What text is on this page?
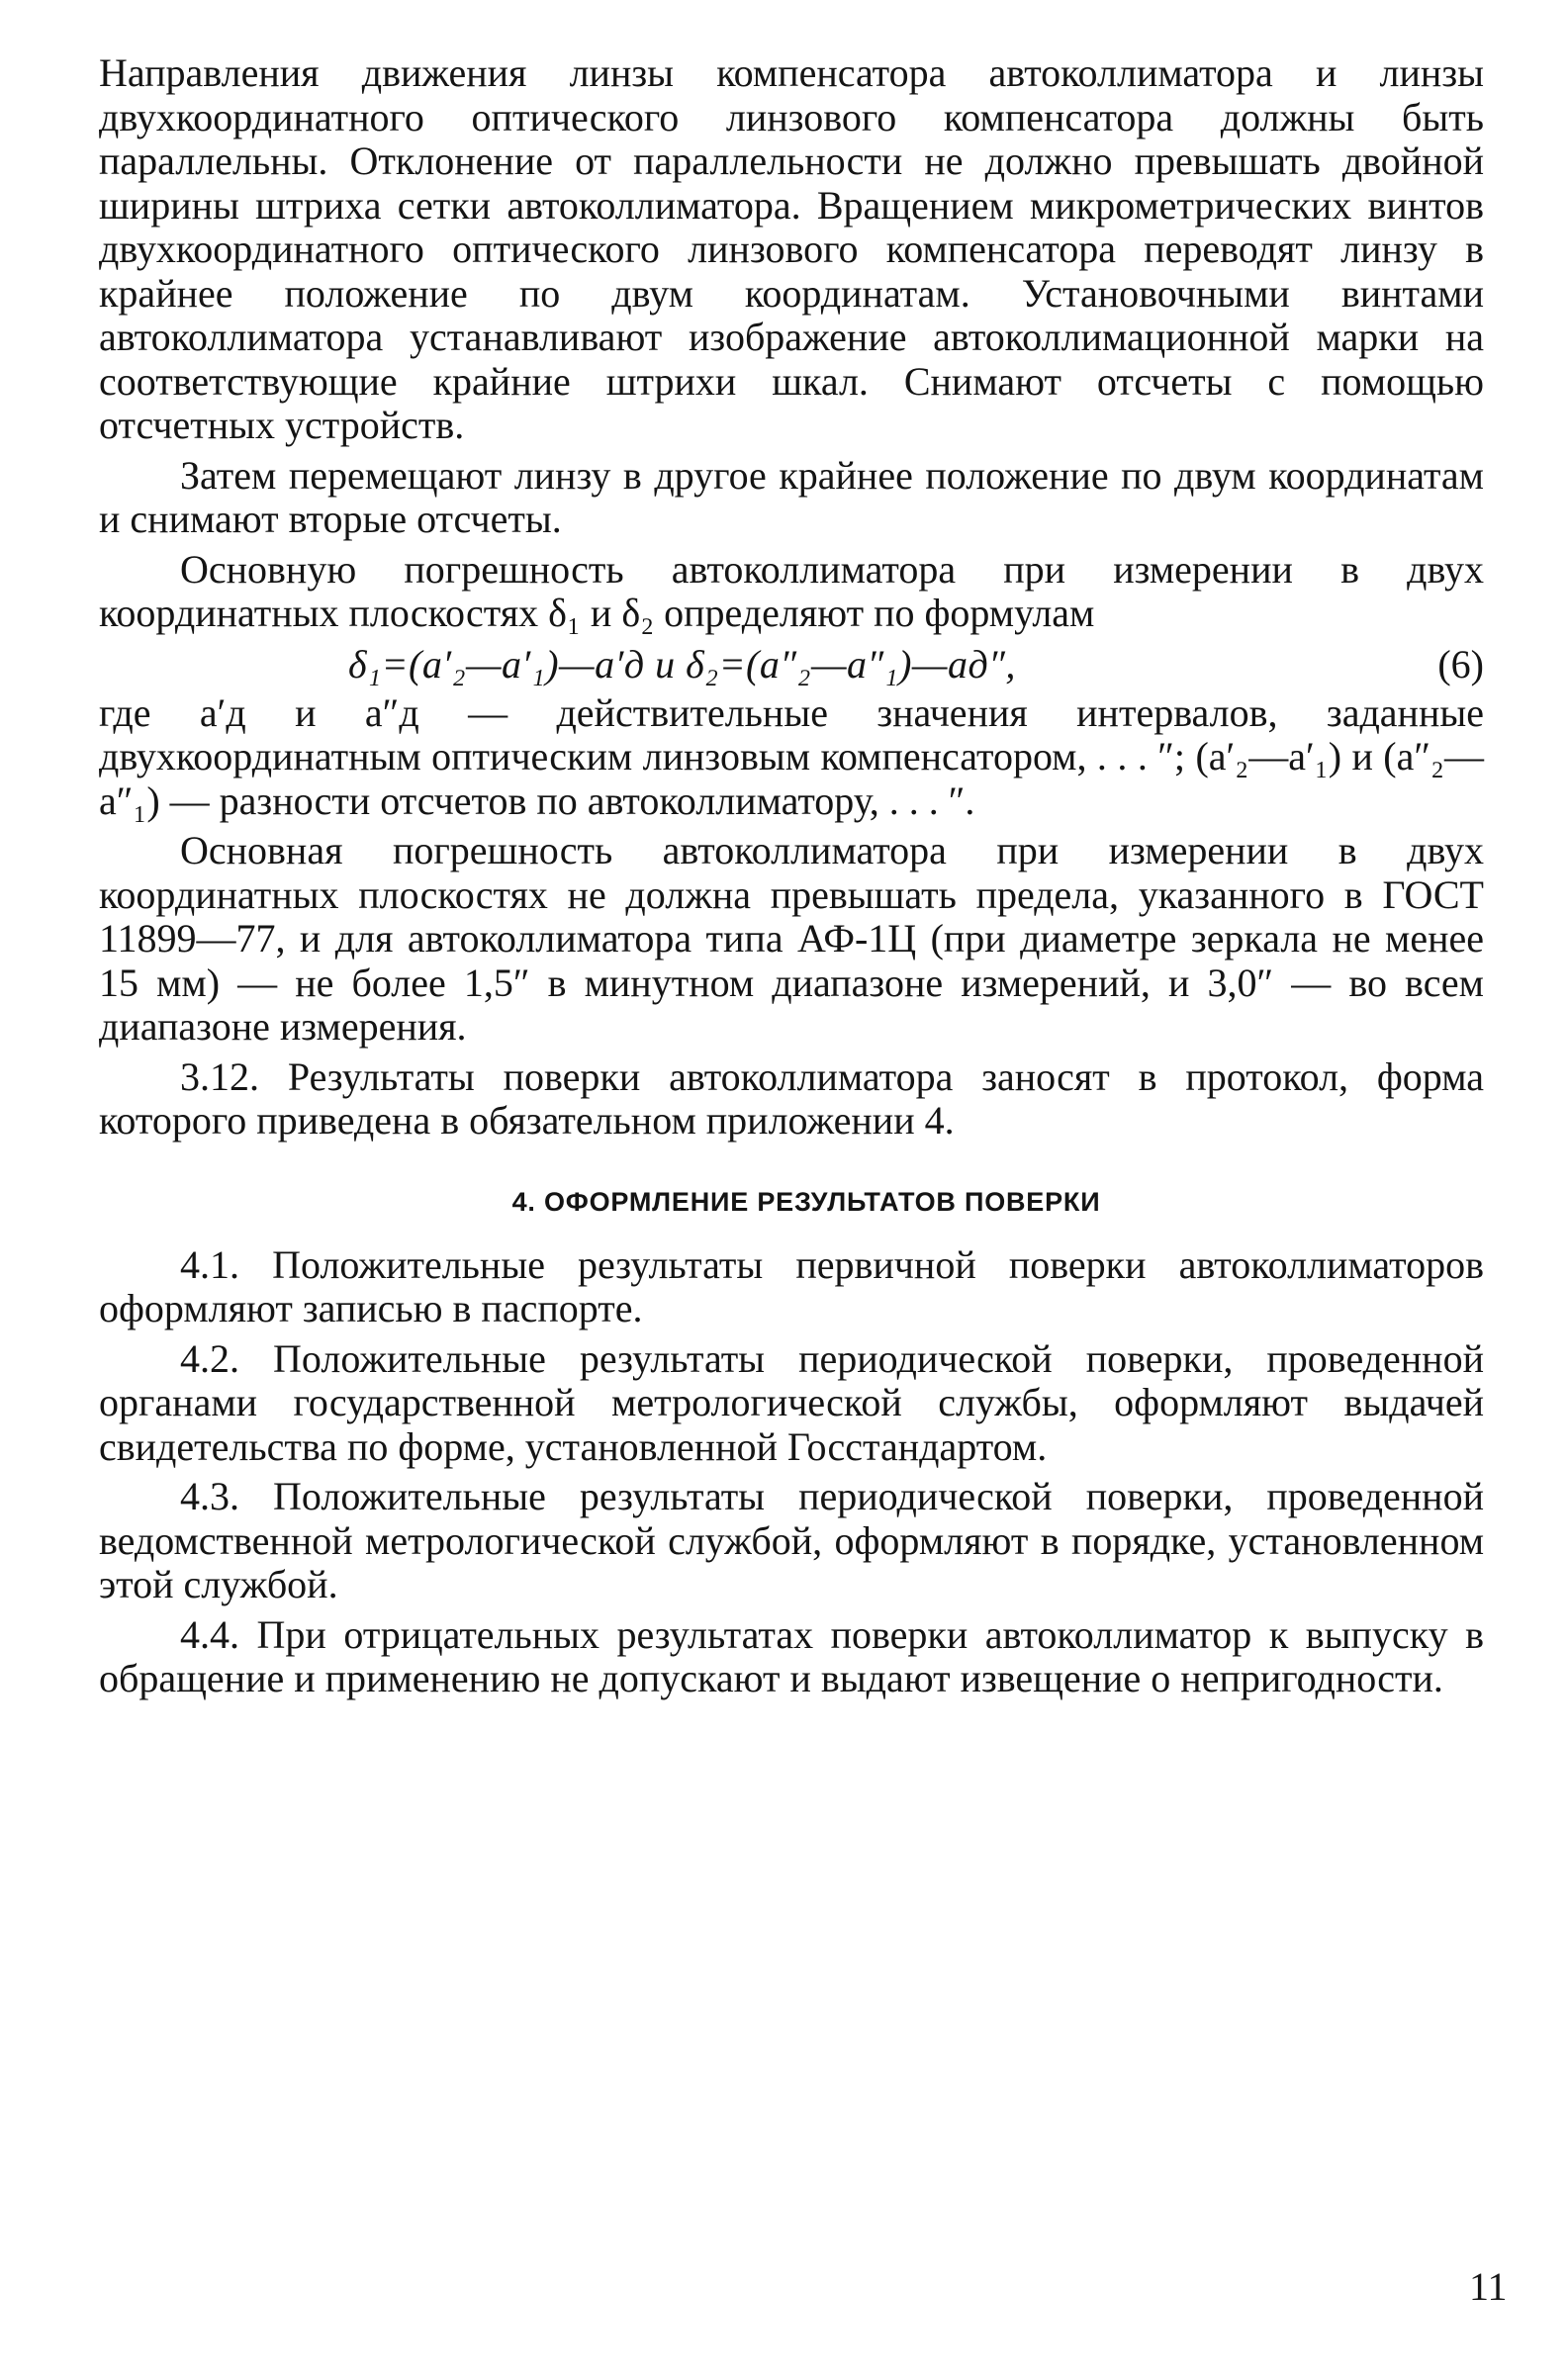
Направления движения линзы компенсатора автоколлиматора и линзы двухкоординатного оптического линзового компенсатора должны быть параллельны. Отклонение от параллельности не должно превышать двойной ширины штриха сетки автоколлиматора. Вращением микрометрических винтов двухкоординатного оптического линзового компенсатора переводят линзу в крайнее положение по двум координатам. Установочными винтами автоколлиматора устанавливают изображение автоколлимационной марки на соответствующие крайние штрихи шкал. Снимают отсчеты с помощью отсчетных устройств.

Затем перемещают линзу в другое крайнее положение по двум координатам и снимают вторые отсчеты.

Основную погрешность автоколлиматора при измерении в двух координатных плоскостях δ₁ и δ₂ определяют по формулам

δ₁=(a′₂—a′₁)—a′д и δ₂=(a″₂—a″₁)—aд″,	(6)

где a′д и a″д — действительные значения интервалов, заданные двухкоординатным оптическим линзовым компенсатором, . . . ″; (a′₂—a′₁) и (a″₂—a″₁) — разности отсчетов по автоколлиматору, . . . ″.

Основная погрешность автоколлиматора при измерении в двух координатных плоскостях не должна превышать предела, указанного в ГОСТ 11899—77, и для автоколлиматора типа АФ-1Ц (при диаметре зеркала не менее 15 мм) — не более 1,5″ в минутном диапазоне измерений, и 3,0″ — во всем диапазоне измерения.

3.12. Результаты поверки автоколлиматора заносят в протокол, форма которого приведена в обязательном приложении 4.

4. ОФОРМЛЕНИЕ РЕЗУЛЬТАТОВ ПОВЕРКИ

4.1. Положительные результаты первичной поверки автоколлиматоров оформляют записью в паспорте.

4.2. Положительные результаты периодической поверки, проведенной органами государственной метрологической службы, оформляют выдачей свидетельства по форме, установленной Госстандартом.

4.3. Положительные результаты периодической поверки, проведенной ведомственной метрологической службой, оформляют в порядке, установленном этой службой.

4.4. При отрицательных результатах поверки автоколлиматор к выпуску в обращение и применению не допускают и выдают извещение о непригодности.

11
